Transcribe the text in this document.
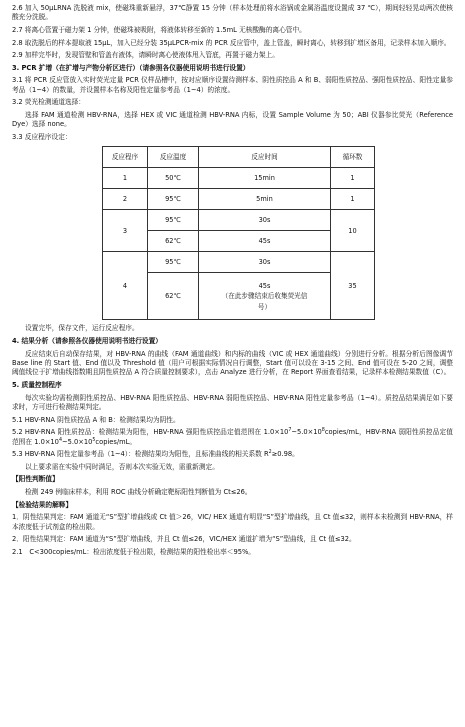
2.6 加入 50μLRNA 洗脱液 mix，使磁珠重新悬浮，37℃静置 15 分钟（样本处理前将水浴锅或金属浴温度设置成 37 ℃），期间轻轻晃动两次使核酸充分洗脱。

2.7 将离心管置于磁力架 1 分钟，使磁珠被吸附，将液体转移至新的 1.5mL 无核酸酶的离心管中。

2.8 取洗脱后的样本提取液 15μL，加入已经分装 35μLPCR-mix 的 PCR 反应管中，盖上管盖，瞬时离心，转移到扩增区备用，记录样本加入顺序。

2.9 加样完毕时，发现管壁和管盖有液体，请瞬时离心使液体甩入管底，再置于磁力架上。

3. PCR 扩增（在扩增与产物分析区进行）（请参照各仪器使用说明书进行设置）

3.1 将 PCR 反应管放入实时荧光定量 PCR 仪样品槽中，按对应顺序设置待测样本、阴性质控品 A 和 B、弱阳性质控品、强阳性质控品、阳性定量参考品（1~4）的数量，并设置样本名称及阳性定量参考品（1~4）的浓度。

3.2 荧光检测通道选择：

选择 FAM 通道检测 HBV-RNA，选择 HEX 或 VIC 通道检测 HBV-RNA 内标，设置 Sample Volume 为 50；ABI 仪器参比荧光（Reference Dye）选择 none。

3.3 反应程序设定：

反应程序	反应温度	反应时间	循环数
1	50℃	15min	1
2	95℃	5min	1
3	95℃	30s	10
	62℃	45s	
4	95℃	30s	35
	62℃	45s
（在此步骤结束后收集荧光信
号）	

设置完毕，保存文件，运行反应程序。

4. 结果分析（请参照各仪器使用说明书进行设置）

反应结束后自动保存结果，对 HBV-RNA 的曲线（FAM 通道曲线）和内标的曲线（VIC 或 HEX 通道曲线）分别进行分析。根据分析后图像调节 Base line 的 Start 值、End 值以及 Threshold 值（用户可根据实际情况自行调整，Start 值可以设在 3-15 之间、End 值可设在 5-20 之间，调整阈值线位于扩增曲线指数期且阴性质控品 A 符合质量控制要求），点击 Analyze 进行分析，在 Report 界面查看结果，记录样本检测结果数值（C）。

5. 质量控制程序

每次实验均需检测阴性质控品、HBV-RNA 阳性质控品、HBV-RNA 弱阳性质控品、HBV-RNA 阳性定量参考品（1~4）。质控品结果满足如下要求时，方可进行检测结果判定。

5.1 HBV-RNA 阴性质控品 A 和 B：检测结果均为阴性。

5.2 HBV-RNA 阳性质控品：检测结果为阳性，HBV-RNA 强阳性质控品定值范围在 $1.0\times 10^7\sim 5.0\times 10^8copies/mL$，HBV-RNA 弱阳性质控品定值范围在 $1.0\times 10^4\sim 5.0\times 10^5copies/mL$。

5.3 HBV-RNA 阳性定量参考品（1~4）：检测结果均为阳性，且标准曲线的相关系数 $R^2\ge 0.98$。

以上要求需在实验中同时满足，否则本次实验无效，需重新测定。

【阳性判断值】

检测 249 例临床样本，利用 ROC 曲线分析确定靶标阳性判断值为 Ct≤26。

【检验结果的解释】

1．阴性结果判定：FAM 通道无“S”型扩增曲线或 Ct 值＞26，VIC/ HEX 通道有明显“S”型扩增曲线，且 Ct 值≤32，则样本未检测到 HBV-RNA，样本浓度低于试剂盒的检出限。

2．阳性结果判定：FAM 通道为“S”型扩增曲线，并且 Ct 值≤26，VIC/HEX 通道扩增为“S”型曲线，且 Ct 值≤32。

2.1　C<300copies/mL：检出浓度低于检出限，检测结果的阳性检出率＜95%。
